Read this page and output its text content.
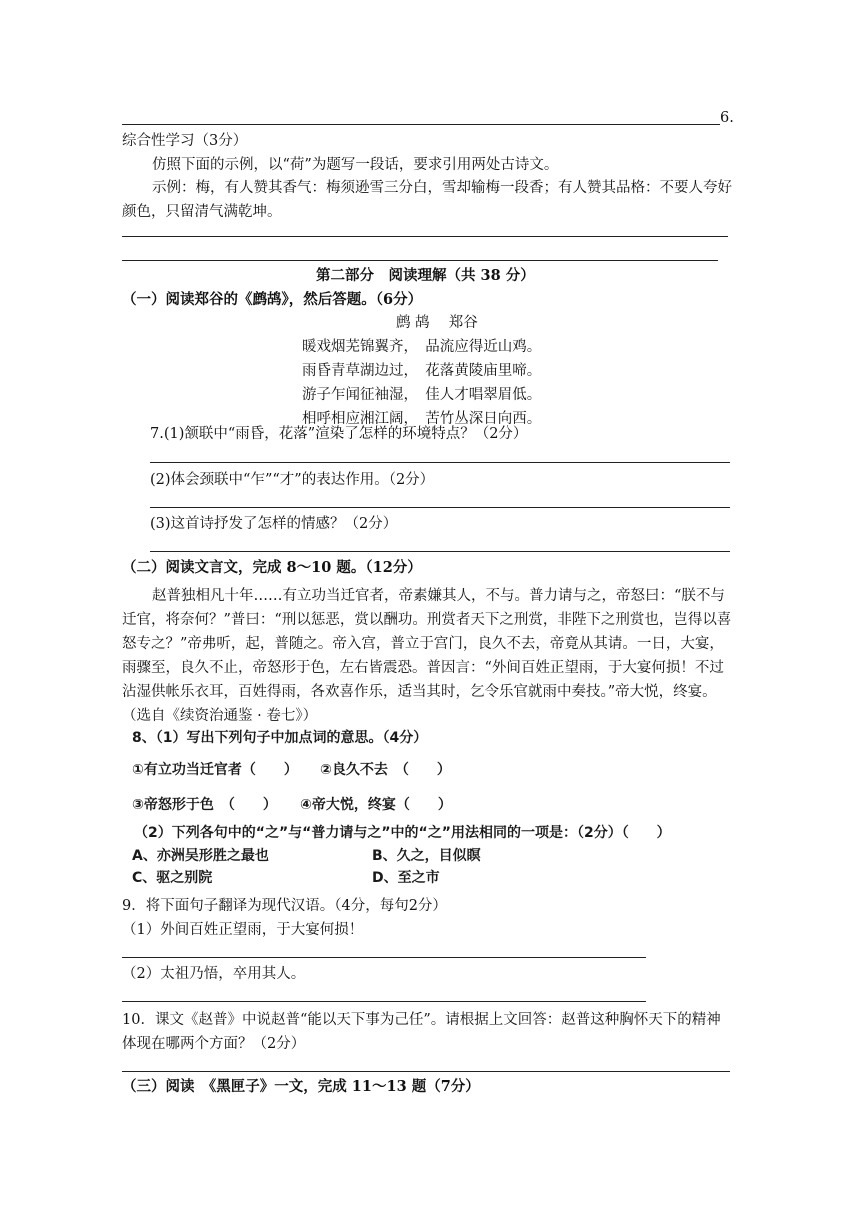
6.
综合性学习（3分）
仿照下面的示例，以“荷”为题写一段话，要求引用两处古诗文。
示例：梅，有人赞其香气：梅须逊雪三分白，雪却输梅一段香；有人赞其品格：不要人夸好颜色，只留清气满乾坤。
第二部分　阅读理解（共 38 分）
（一）阅读郑谷的《鹧鸪》，然后答题。（6分）
鹧 鸪　 郑谷
暖戏烟芜锦翼齐，　品流应得近山鸡。
雨昏青草湖边过，　花落黄陵庙里啼。
游子乍闻征袖湿，　佳人才唱翠眉低。
相呼相应湘江阔，　苦竹丛深日向西。
7.(1)颔联中“雨昏，花落”渲染了怎样的环境特点？（2分）
(2)体会颈联中“乍”“才”的表达作用。（2分）
(3)这首诗抒发了怎样的情感？（2分）
（二）阅读文言文，完成 8～10 题。（12分）
赵普独相凡十年……有立功当迁官者，帝素嫌其人，不与。普力请与之，帝怒曰：“朕不与迁官，将奈何？”普曰：“刑以惩恶，赏以酬功。刑赏者天下之刑赏，非陛下之刑赏也，岂得以喜怒专之？”帝弗听，起，普随之。帝入宫，普立于宫门，良久不去，帝竟从其请。一日，大宴，雨骤至，良久不止，帝怒形于色，左右皆震恐。普因言：“外间百姓正望雨，于大宴何损！不过沾湿供帐乐衣耳，百姓得雨，各欢喜作乐，适当其时，乞令乐官就雨中奏技。”帝大悦，终宴。　（选自《续资治通鉴 · 卷七》）
8、（1）写出下列句子中加点词的意思。（4分）
①有立功当迁官者（　　） ②良久不去　（　　）
③帝怒形于色　（　　） ④帝大悦，终宴（　　）
（2）下列各句中的“之”与“普力请与之”中的“之”用法相同的一项是：（2分）（　　）
A、亦洲吴形胜之最也	B、久之，目似瞑
C、驱之别院	D、至之市
9．将下面句子翻译为现代汉语。（4分，每句2分）
（1）外间百姓正望雨，于大宴何损！
（2）太祖乃悟，卒用其人。
10．课文《赵普》中说赵普“能以天下事为己任”。请根据上文回答：赵普这种胸怀天下的精神体现在哪两个方面？（2分）
（三）阅读　《黑匣子》一文，完成 11～13 题（7分）
